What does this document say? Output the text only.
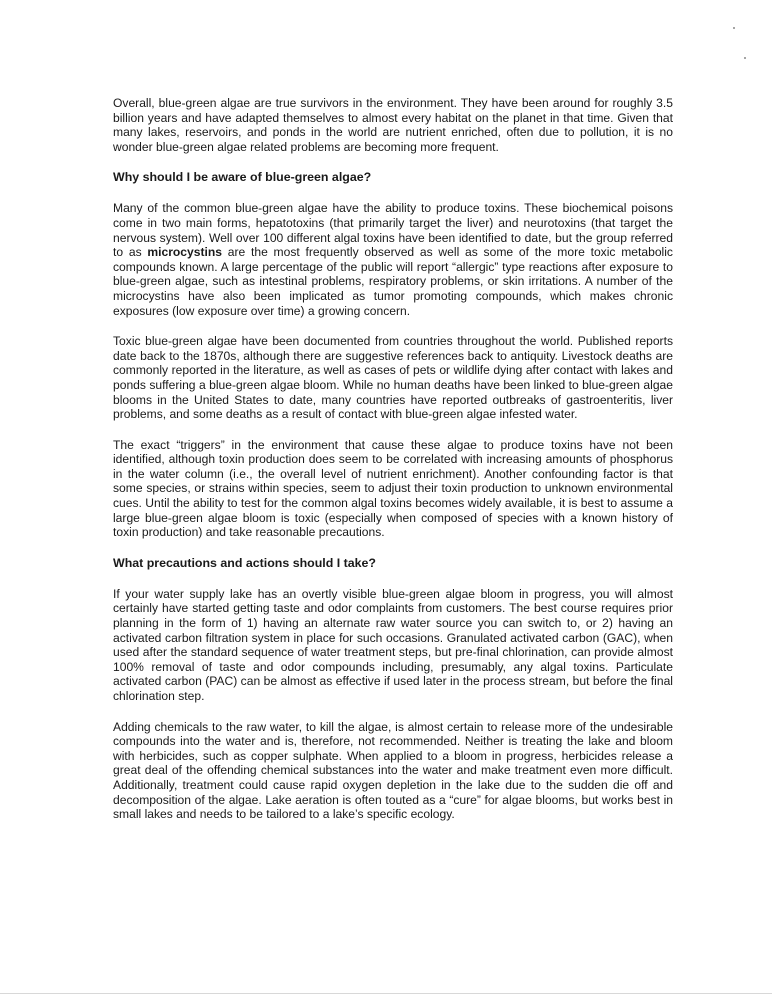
Overall, blue-green algae are true survivors in the environment. They have been around for roughly 3.5 billion years and have adapted themselves to almost every habitat on the planet in that time. Given that many lakes, reservoirs, and ponds in the world are nutrient enriched, often due to pollution, it is no wonder blue-green algae related problems are becoming more frequent.

Why should I be aware of blue-green algae?

Many of the common blue-green algae have the ability to produce toxins. These biochemical poisons come in two main forms, hepatotoxins (that primarily target the liver) and neurotoxins (that target the nervous system). Well over 100 different algal toxins have been identified to date, but the group referred to as microcystins are the most frequently observed as well as some of the more toxic metabolic compounds known. A large percentage of the public will report “allergic” type reactions after exposure to blue-green algae, such as intestinal problems, respiratory problems, or skin irritations. A number of the microcystins have also been implicated as tumor promoting compounds, which makes chronic exposures (low exposure over time) a growing concern.

Toxic blue-green algae have been documented from countries throughout the world. Published reports date back to the 1870s, although there are suggestive references back to antiquity. Livestock deaths are commonly reported in the literature, as well as cases of pets or wildlife dying after contact with lakes and ponds suffering a blue-green algae bloom. While no human deaths have been linked to blue-green algae blooms in the United States to date, many countries have reported outbreaks of gastroenteritis, liver problems, and some deaths as a result of contact with blue-green algae infested water.

The exact “triggers” in the environment that cause these algae to produce toxins have not been identified, although toxin production does seem to be correlated with increasing amounts of phosphorus in the water column (i.e., the overall level of nutrient enrichment). Another confounding factor is that some species, or strains within species, seem to adjust their toxin production to unknown environmental cues. Until the ability to test for the common algal toxins becomes widely available, it is best to assume a large blue-green algae bloom is toxic (especially when composed of species with a known history of toxin production) and take reasonable precautions.

What precautions and actions should I take?

If your water supply lake has an overtly visible blue-green algae bloom in progress, you will almost certainly have started getting taste and odor complaints from customers. The best course requires prior planning in the form of 1) having an alternate raw water source you can switch to, or 2) having an activated carbon filtration system in place for such occasions. Granulated activated carbon (GAC), when used after the standard sequence of water treatment steps, but pre-final chlorination, can provide almost 100% removal of taste and odor compounds including, presumably, any algal toxins. Particulate activated carbon (PAC) can be almost as effective if used later in the process stream, but before the final chlorination step.

Adding chemicals to the raw water, to kill the algae, is almost certain to release more of the undesirable compounds into the water and is, therefore, not recommended. Neither is treating the lake and bloom with herbicides, such as copper sulphate. When applied to a bloom in progress, herbicides release a great deal of the offending chemical substances into the water and make treatment even more difficult. Additionally, treatment could cause rapid oxygen depletion in the lake due to the sudden die off and decomposition of the algae. Lake aeration is often touted as a “cure” for algae blooms, but works best in small lakes and needs to be tailored to a lake’s specific ecology.
